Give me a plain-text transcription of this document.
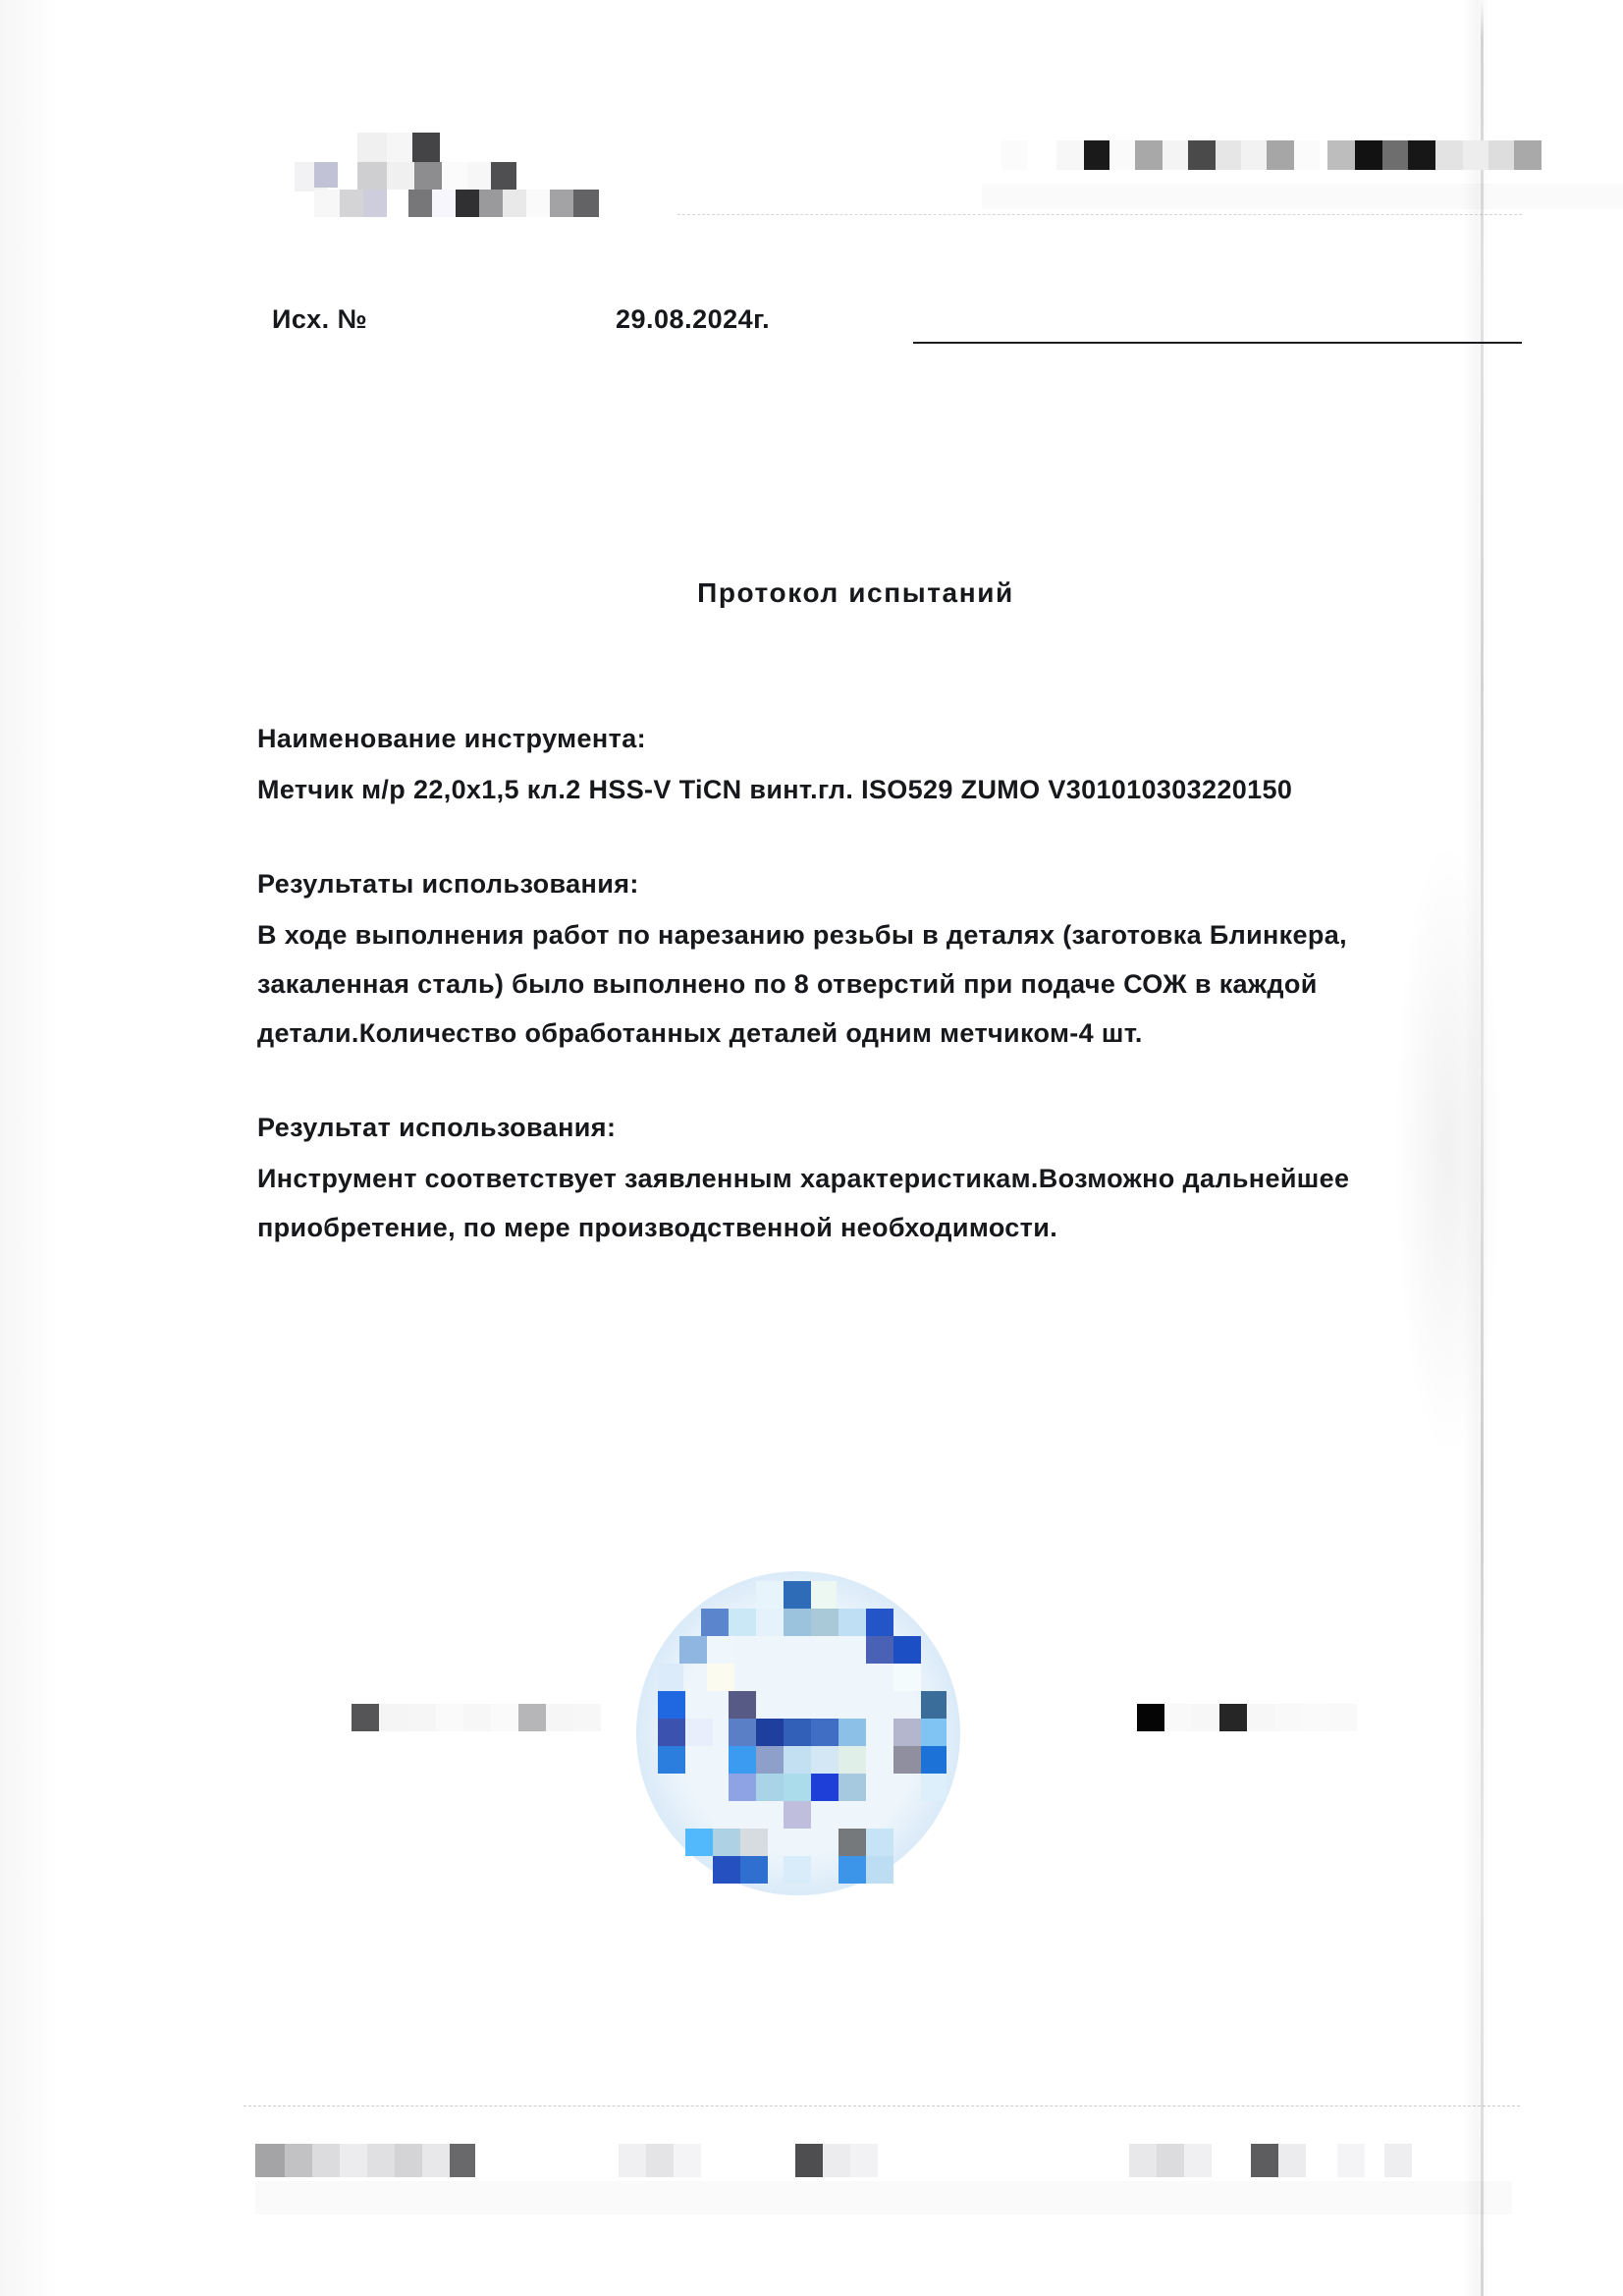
Исх. №	29.08.2024г.
Протокол испытаний
Наименование инструмента:
Метчик м/р 22,0х1,5 кл.2 HSS-V TiCN винт.гл. ISO529 ZUMO V301010303220150
Результаты использования:
В ходе выполнения работ по нарезанию резьбы в деталях (заготовка Блинкера,
закаленная сталь) было выполнено по 8 отверстий при подаче СОЖ в каждой
детали.Количество обработанных деталей одним метчиком-4 шт.
Результат использования:
Инструмент соответствует заявленным характеристикам.Возможно дальнейшее
приобретение, по мере производственной необходимости.
